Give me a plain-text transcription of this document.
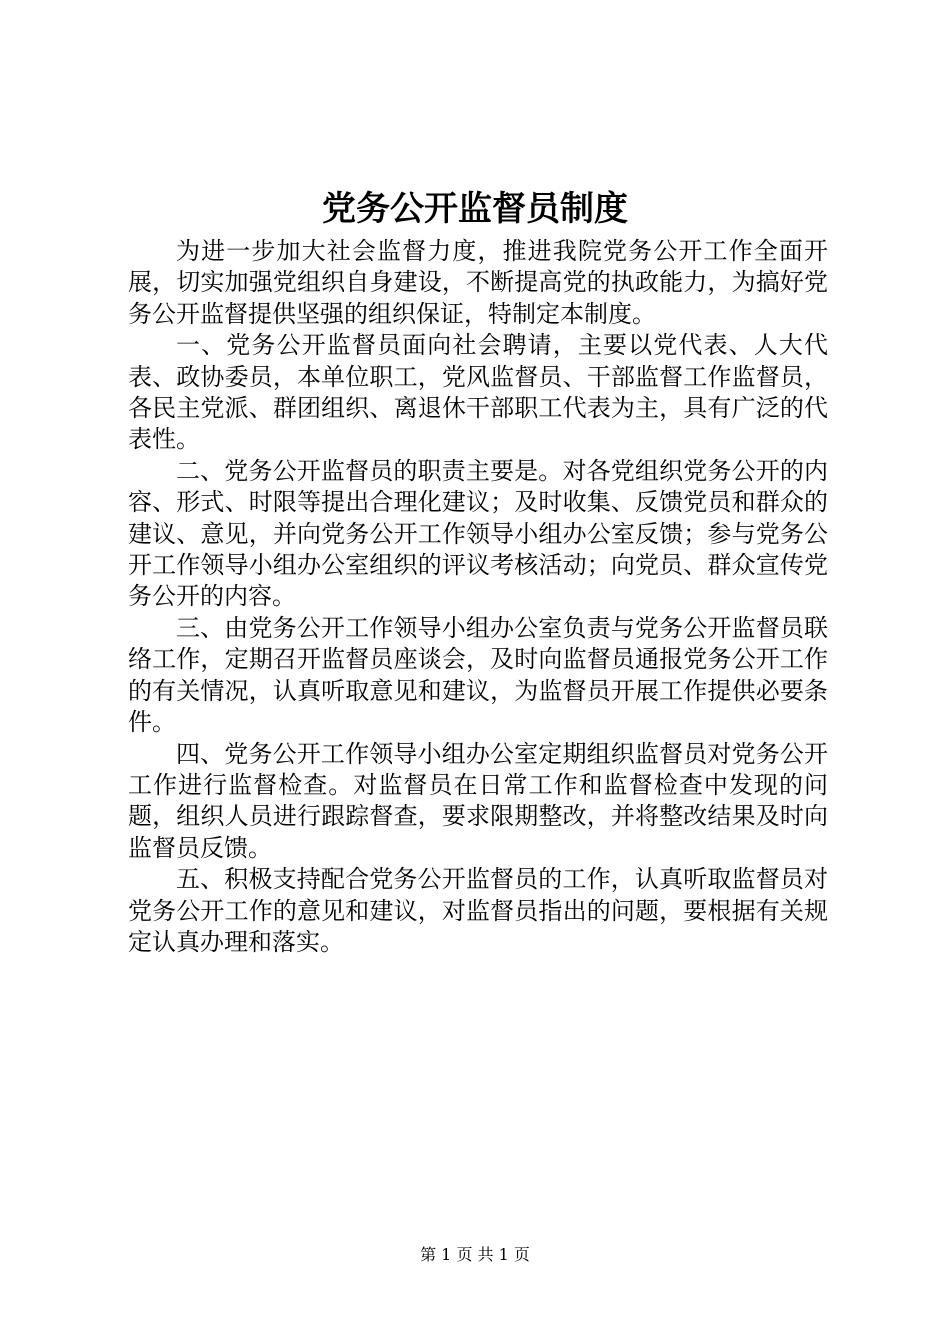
党务公开监督员制度

为进一步加大社会监督力度，推进我院党务公开工作全面开展，切实加强党组织自身建设，不断提高党的执政能力，为搞好党务公开监督提供坚强的组织保证，特制定本制度。

一、党务公开监督员面向社会聘请，主要以党代表、人大代表、政协委员，本单位职工，党风监督员、干部监督工作监督员，各民主党派、群团组织、离退休干部职工代表为主，具有广泛的代表性。

二、党务公开监督员的职责主要是。对各党组织党务公开的内容、形式、时限等提出合理化建议；及时收集、反馈党员和群众的建议、意见，并向党务公开工作领导小组办公室反馈；参与党务公开工作领导小组办公室组织的评议考核活动；向党员、群众宣传党务公开的内容。

三、由党务公开工作领导小组办公室负责与党务公开监督员联络工作，定期召开监督员座谈会，及时向监督员通报党务公开工作的有关情况，认真听取意见和建议，为监督员开展工作提供必要条件。

四、党务公开工作领导小组办公室定期组织监督员对党务公开工作进行监督检查。对监督员在日常工作和监督检查中发现的问题，组织人员进行跟踪督查，要求限期整改，并将整改结果及时向监督员反馈。

五、积极支持配合党务公开监督员的工作，认真听取监督员对党务公开工作的意见和建议，对监督员指出的问题，要根据有关规定认真办理和落实。

第 1 页 共 1 页
